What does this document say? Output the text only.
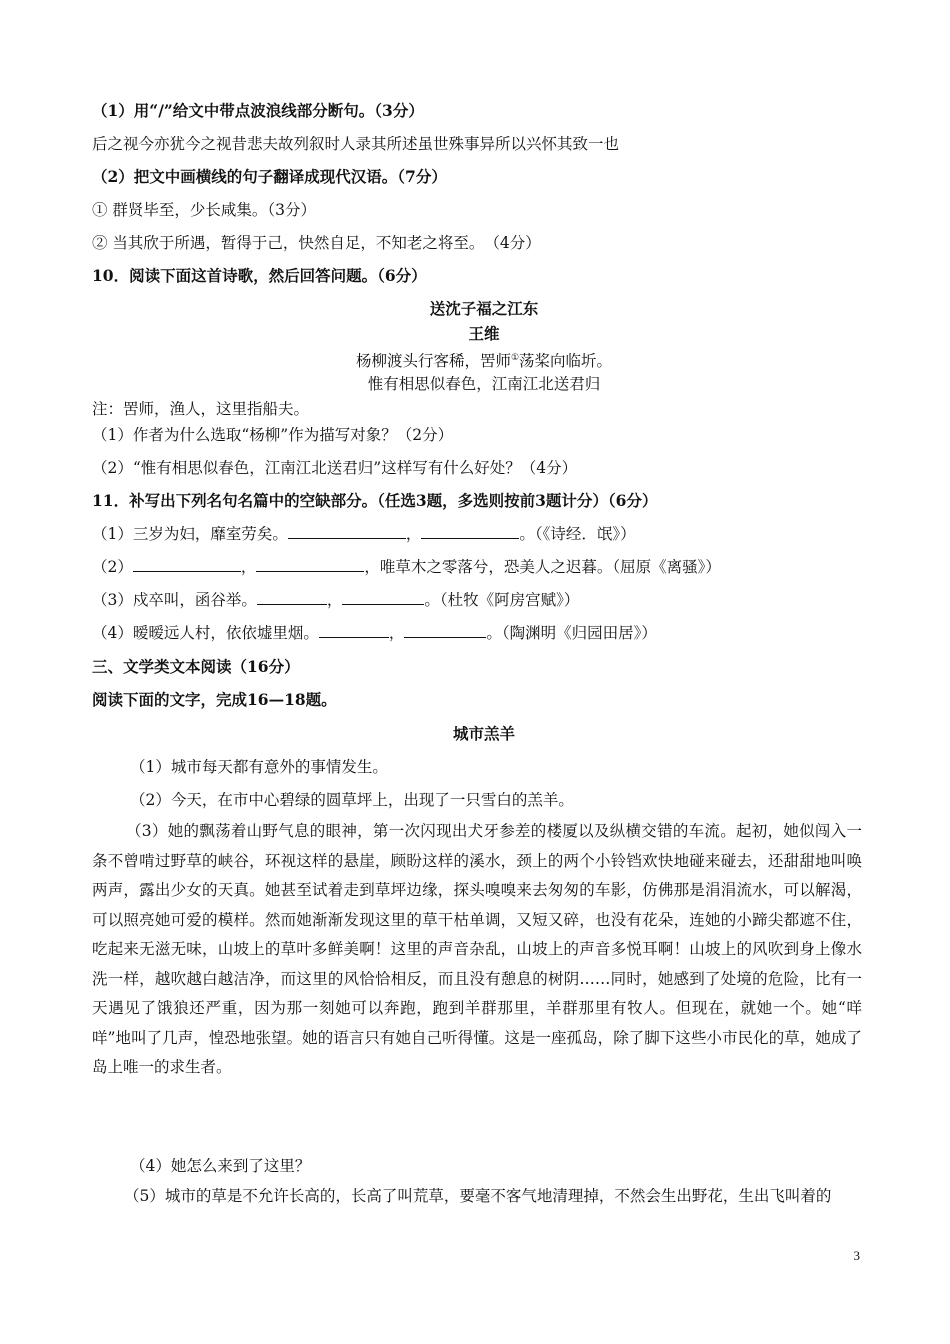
（1）用“/”给文中带点波浪线部分断句。（3分）
后之视今亦犹今之视昔悲夫故列叙时人录其所述虽世殊事异所以兴怀其致一也
（2）把文中画横线的句子翻译成现代汉语。（7分）
① 群贤毕至，少长咸集。（3分）
② 当其欣于所遇，暂得于己，快然自足，不知老之将至。　（4分）
10．阅读下面这首诗歌，然后回答问题。（6分）
送沈子福之江东
王维
杨柳渡头行客稀，罟师①荡桨向临圻。
惟有相思似春色，江南江北送君归
注：罟师，渔人，这里指船夫。
（1）作者为什么选取“杨柳”作为描写对象？（2分）
（2）“惟有相思似春色，江南江北送君归”这样写有什么好处？（4分）
11．补写出下列名句名篇中的空缺部分。（任选3题，多选则按前3题计分）（6分）
（1）三岁为妇，靡室劳矣。	，	。（《诗经．氓》）
（2）	，	，唯草木之零落兮，恐美人之迟暮。（屈原《离骚》）
（3）戍卒叫，函谷举。	，	。（杜牧《阿房宫赋》）
（4）暧暧远人村，依依墟里烟。	，	。（陶渊明《归园田居》）
三、文学类文本阅读（16分）
阅读下面的文字，完成16—18题。
城市羔羊
（1）城市每天都有意外的事情发生。
（2）今天，在市中心碧绿的圆草坪上，出现了一只雪白的羔羊。
（3）她的飘荡着山野气息的眼神，第一次闪现出犬牙参差的楼厦以及纵横交错的车流。起初，她似闯入一条不曾啃过野草的峡谷，环视这样的悬崖，顾盼这样的溪水，颈上的两个小铃铛欢快地碰来碰去，还甜甜地叫唤两声，露出少女的天真。她甚至试着走到草坪边缘，探头嗅嗅来去匆匆的车影，仿佛那是涓涓流水，可以解渴，可以照亮她可爱的模样。然而她渐渐发现这里的草干枯单调，又短又碎，也没有花朵，连她的小蹄尖都遮不住，吃起来无滋无味，山坡上的草叶多鲜美啊！这里的声音杂乱，山坡上的声音多悦耳啊！山坡上的风吹到身上像水洗一样，越吹越白越洁净，而这里的风恰恰相反，而且没有憩息的树阴……同时，她感到了处境的危险，比有一天遇见了饿狼还严重，因为那一刻她可以奔跑，跑到羊群那里，羊群那里有牧人。但现在，就她一个。她“咩咩”地叫了几声，惶恐地张望。她的语言只有她自己听得懂。这是一座孤岛，除了脚下这些小市民化的草，她成了岛上唯一的求生者。
（4）她怎么来到了这里？
（5）城市的草是不允许长高的，长高了叫荒草，要毫不客气地清理掉，不然会生出野花，生出飞叫着的
3
